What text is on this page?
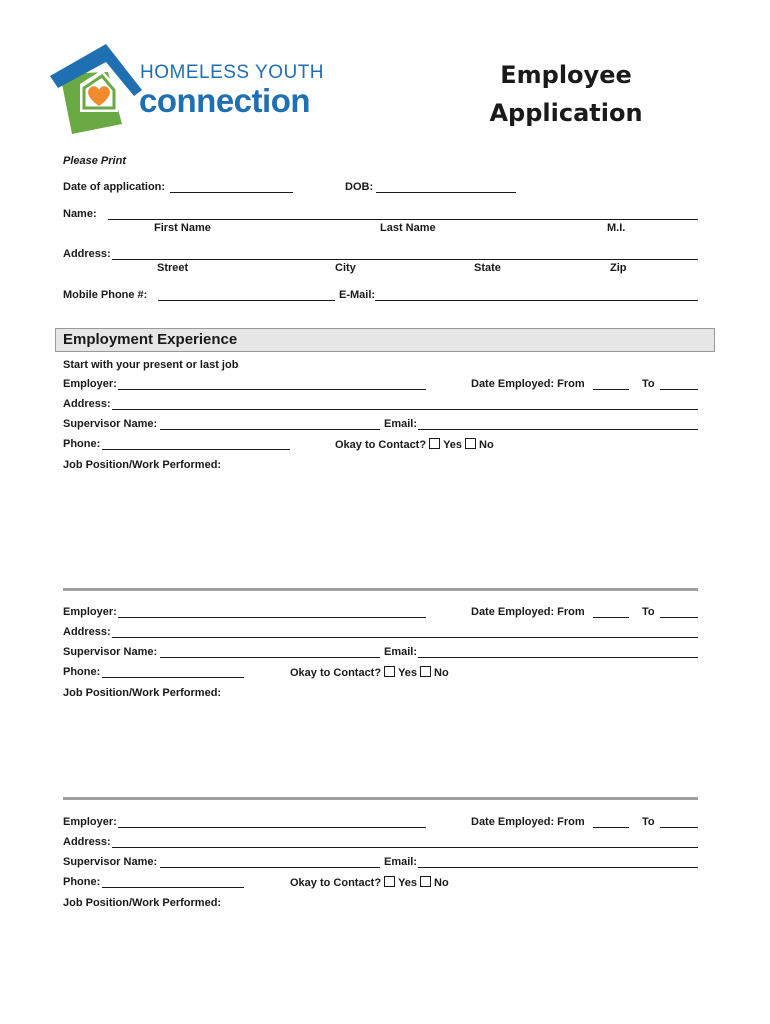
HOMELESS YOUTH
connection
Employee
Application
Please Print
Date of application:	DOB:
Name:
First Name	Last Name	M.I.
Address:
Street	City	State	Zip
Mobile Phone #:	E-Mail:
Employment Experience
Start with your present or last job
Employer:	Date Employed: From	To
Address:
Supervisor Name:	Email:
Phone:	Okay to Contact? Yes No
Job Position/Work Performed:
Employer:	Date Employed: From	To
Address:
Supervisor Name:	Email:
Phone:	Okay to Contact? Yes No
Job Position/Work Performed:
Employer:	Date Employed: From	To
Address:
Supervisor Name:	Email:
Phone:	Okay to Contact? Yes No
Job Position/Work Performed:
